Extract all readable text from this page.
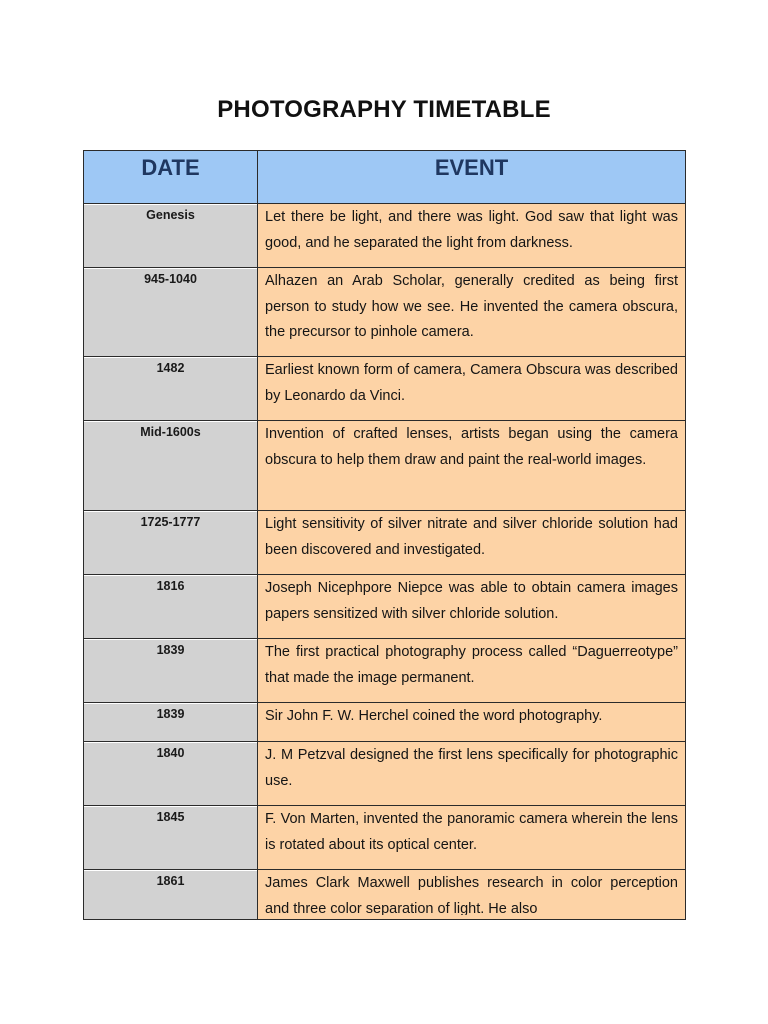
PHOTOGRAPHY TIMETABLE
DATE	EVENT
Genesis	Let there be light, and there was light. God saw that light was good, and he separated the light from darkness.
945-1040	Alhazen an Arab Scholar, generally credited as being first person to study how we see. He invented the camera obscura, the precursor to pinhole camera.
1482	Earliest known form of camera, Camera Obscura was described by Leonardo da Vinci.
Mid-1600s	Invention of crafted lenses, artists began using the camera obscura to help them draw and paint the real-world images.
1725-1777	Light sensitivity of silver nitrate and silver chloride solution had been discovered and investigated.
1816	Joseph Nicephpore Niepce was able to obtain camera images papers sensitized with silver chloride solution.
1839	The first practical photography process called “Daguerreotype” that made the image permanent.
1839	Sir John F. W. Herchel coined the word photography.
1840	J. M Petzval designed the first lens specifically for photographic use.
1845	F. Von Marten, invented the panoramic camera wherein the lens is rotated about its optical center.
1861	James Clark Maxwell publishes research in color perception and three color separation of light. He also
